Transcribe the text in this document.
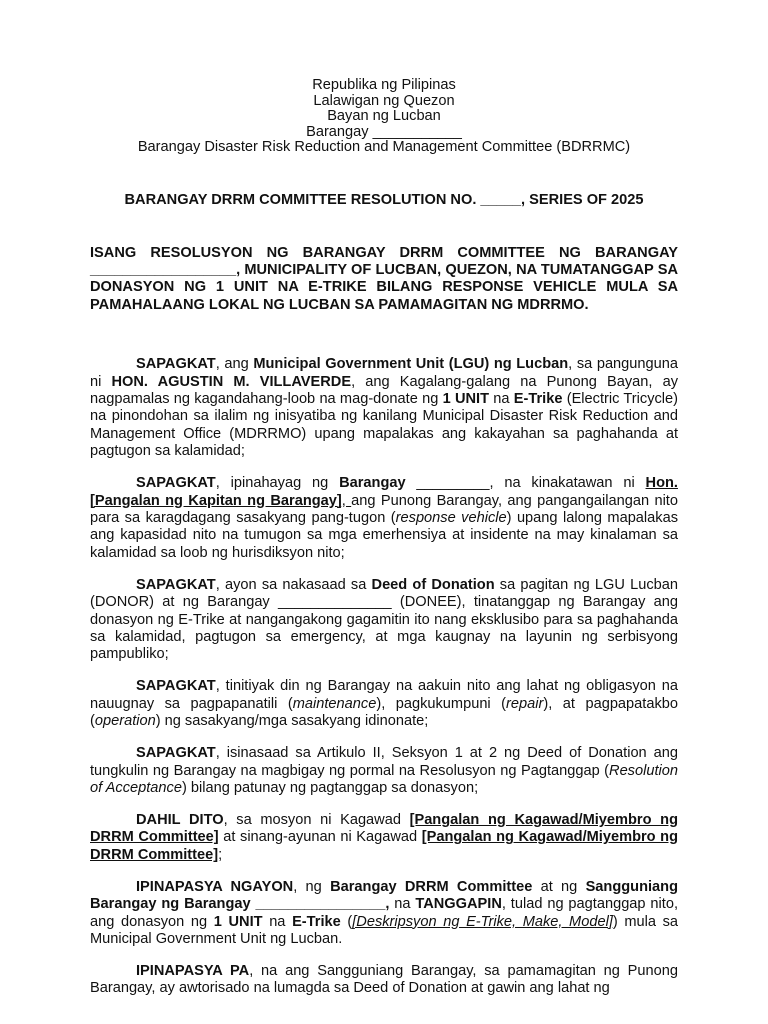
Republika ng Pilipinas
Lalawigan ng Quezon
Bayan ng Lucban
Barangay ___________
Barangay Disaster Risk Reduction and Management Committee (BDRRMC)
BARANGAY DRRM COMMITTEE RESOLUTION NO. _____, SERIES OF 2025
ISANG RESOLUSYON NG BARANGAY DRRM COMMITTEE NG BARANGAY __________________, MUNICIPALITY OF LUCBAN, QUEZON, NA TUMATANGGAP SA DONASYON NG 1 UNIT NA E-TRIKE BILANG RESPONSE VEHICLE MULA SA PAMAHALAANG LOKAL NG LUCBAN SA PAMAMAGITAN NG MDRRMO.

SAPAGKAT, ang Municipal Government Unit (LGU) ng Lucban, sa pangunguna ni HON. AGUSTIN M. VILLAVERDE, ang Kagalang-galang na Punong Bayan, ay nagpamalas ng kagandahang-loob na mag-donate ng 1 UNIT na E-Trike (Electric Tricycle) na pinondohan sa ilalim ng inisyatiba ng kanilang Municipal Disaster Risk Reduction and Management Office (MDRRMO) upang mapalakas ang kakayahan sa paghahanda at pagtugon sa kalamidad;

SAPAGKAT, ipinahayag ng Barangay _________, na kinakatawan ni Hon. [Pangalan ng Kapitan ng Barangay], ang Punong Barangay, ang pangangailangan nito para sa karagdagang sasakyang pang-tugon (response vehicle) upang lalong mapalakas ang kapasidad nito na tumugon sa mga emerhensiya at insidente na may kinalaman sa kalamidad sa loob ng hurisdiksyon nito;

SAPAGKAT, ayon sa nakasaad sa Deed of Donation sa pagitan ng LGU Lucban (DONOR) at ng Barangay ______________ (DONEE), tinatanggap ng Barangay ang donasyon ng E-Trike at nangangakong gagamitin ito nang eksklusibo para sa paghahanda sa kalamidad, pagtugon sa emergency, at mga kaugnay na layunin ng serbisyong pampubliko;

SAPAGKAT, tinitiyak din ng Barangay na aakuin nito ang lahat ng obligasyon na nauugnay sa pagpapanatili (maintenance), pagkukumpuni (repair), at pagpapatakbo (operation) ng sasakyang/mga sasakyang idinonate;

SAPAGKAT, isinasaad sa Artikulo II, Seksyon 1 at 2 ng Deed of Donation ang tungkulin ng Barangay na magbigay ng pormal na Resolusyon ng Pagtanggap (Resolution of Acceptance) bilang patunay ng pagtanggap sa donasyon;

DAHIL DITO, sa mosyon ni Kagawad [Pangalan ng Kagawad/Miyembro ng DRRM Committee] at sinang-ayunan ni Kagawad [Pangalan ng Kagawad/Miyembro ng DRRM Committee];

IPINAPASYA NGAYON, ng Barangay DRRM Committee at ng Sangguniang Barangay ng Barangay ________________, na TANGGAPIN, tulad ng pagtanggap nito, ang donasyon ng 1 UNIT na E-Trike ([Deskripsyon ng E-Trike, Make, Model]) mula sa Municipal Government Unit ng Lucban.

IPINAPASYA PA, na ang Sangguniang Barangay, sa pamamagitan ng Punong Barangay, ay awtorisado na lumagda sa Deed of Donation at gawin ang lahat ng
